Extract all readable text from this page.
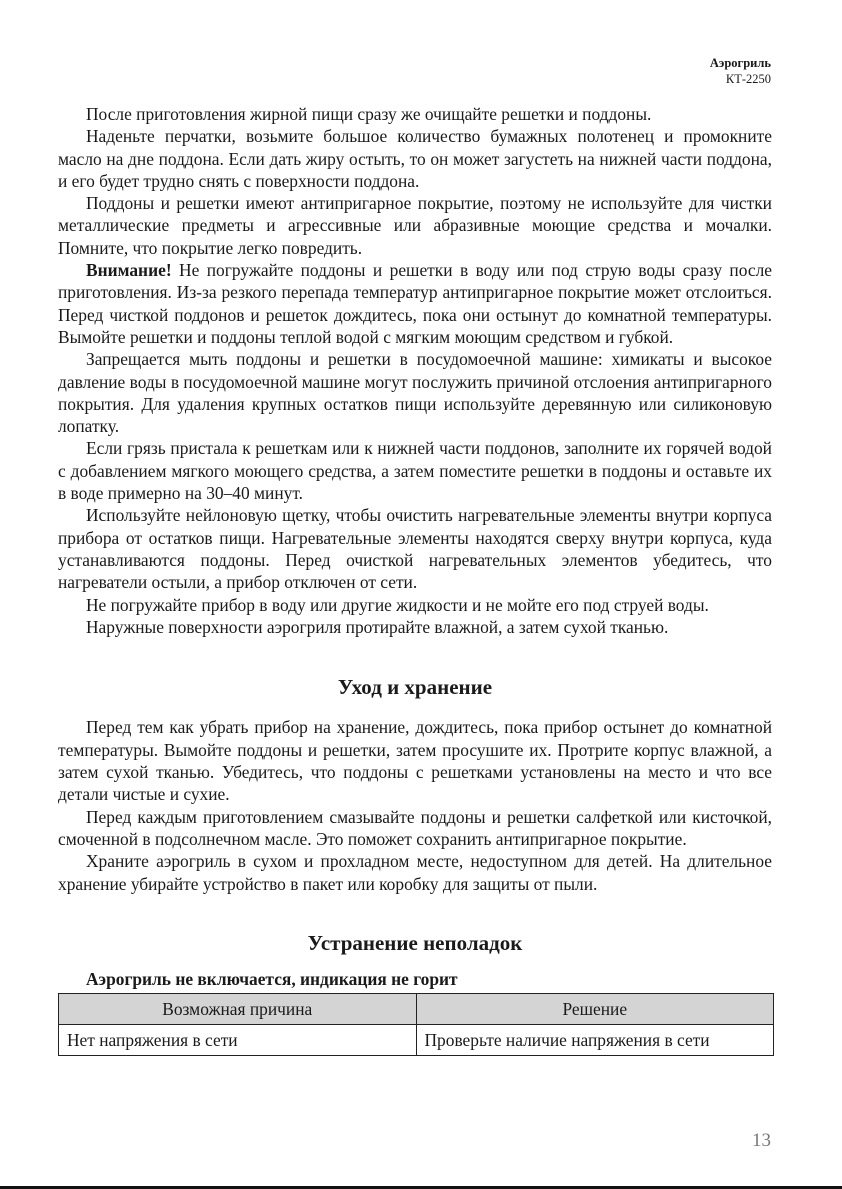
Аэрогриль
КТ-2250

После приготовления жирной пищи сразу же очищайте решетки и поддоны.

Наденьте перчатки, возьмите большое количество бумажных полотенец и промокните масло на дне поддона. Если дать жиру остыть, то он может загустеть на нижней части поддона, и его будет трудно снять с поверхности поддона.

Поддоны и решетки имеют антипригарное покрытие, поэтому не используйте для чистки металлические предметы и агрессивные или абразивные моющие средства и мочалки. Помните, что покрытие легко повредить.

Внимание! Не погружайте поддоны и решетки в воду или под струю воды сразу после приготовления. Из-за резкого перепада температур антипригарное покрытие может отслоиться. Перед чисткой поддонов и решеток дождитесь, пока они остынут до комнатной температуры. Вымойте решетки и поддоны теплой водой с мягким моющим средством и губкой.

Запрещается мыть поддоны и решетки в посудомоечной машине: химикаты и высокое давление воды в посудомоечной машине могут послужить причиной отслоения антипригарного покрытия. Для удаления крупных остатков пищи используйте деревянную или силиконовую лопатку.

Если грязь пристала к решеткам или к нижней части поддонов, заполните их горячей водой с добавлением мягкого моющего средства, а затем поместите решетки в поддоны и оставьте их в воде примерно на 30–40 минут.

Используйте нейлоновую щетку, чтобы очистить нагревательные элементы внутри корпуса прибора от остатков пищи. Нагревательные элементы находятся сверху внутри корпуса, куда устанавливаются поддоны. Перед очисткой нагревательных элементов убедитесь, что нагреватели остыли, а прибор отключен от сети.

Не погружайте прибор в воду или другие жидкости и не мойте его под струей воды.

Наружные поверхности аэрогриля протирайте влажной, а затем сухой тканью.

Уход и хранение

Перед тем как убрать прибор на хранение, дождитесь, пока прибор остынет до комнатной температуры. Вымойте поддоны и решетки, затем просушите их. Протрите корпус влажной, а затем сухой тканью. Убедитесь, что поддоны с решетками установлены на место и что все детали чистые и сухие.

Перед каждым приготовлением смазывайте поддоны и решетки салфеткой или кисточкой, смоченной в подсолнечном масле. Это поможет сохранить антипригарное покрытие.

Храните аэрогриль в сухом и прохладном месте, недоступном для детей. На длительное хранение убирайте устройство в пакет или коробку для защиты от пыли.

Устранение неполадок
Аэрогриль не включается, индикация не горит
Возможная причина	Решение
Нет напряжения в сети	Проверьте наличие напряжения в сети
13
